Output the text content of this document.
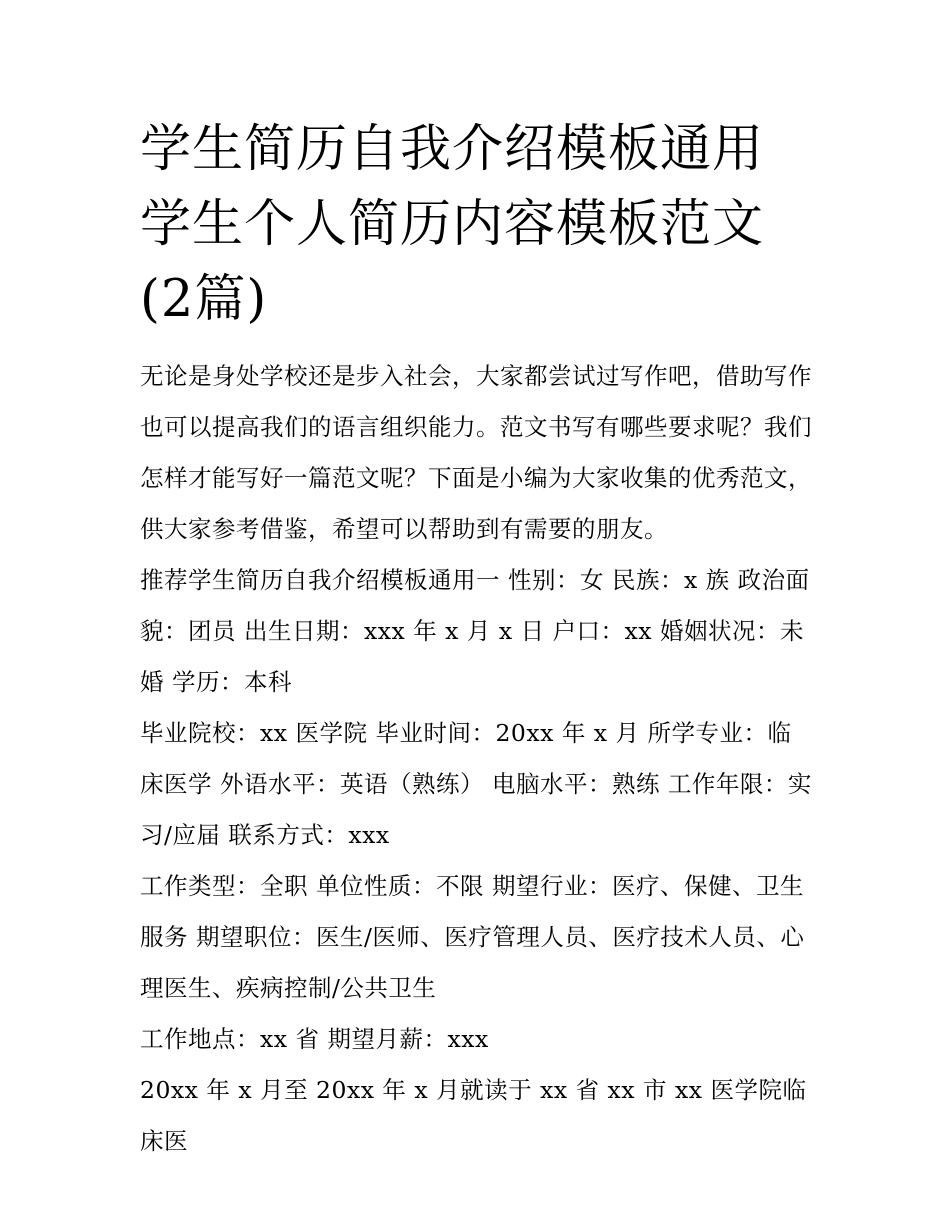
学生简历自我介绍模板通用 学生个人简历内容模板范文(2篇)

无论是身处学校还是步入社会，大家都尝试过写作吧，借助写作也可以提高我们的语言组织能力。范文书写有哪些要求呢？我们怎样才能写好一篇范文呢？下面是小编为大家收集的优秀范文，供大家参考借鉴，希望可以帮助到有需要的朋友。

推荐学生简历自我介绍模板通用一 性别：女 民族：x 族 政治面貌：团员 出生日期：xxx 年 x 月 x 日 户口：xx 婚姻状况：未婚 学历：本科

毕业院校：xx 医学院 毕业时间：20xx 年 x 月 所学专业：临床医学 外语水平：英语（熟练） 电脑水平：熟练 工作年限：实习/应届 联系方式：xxx

工作类型：全职 单位性质：不限 期望行业：医疗、保健、卫生服务 期望职位：医生/医师、医疗管理人员、医疗技术人员、心理医生、疾病控制/公共卫生

工作地点：xx 省 期望月薪：xxx

20xx 年 x 月至 20xx 年 x 月就读于 xx 省 xx 市 xx 医学院临床医
